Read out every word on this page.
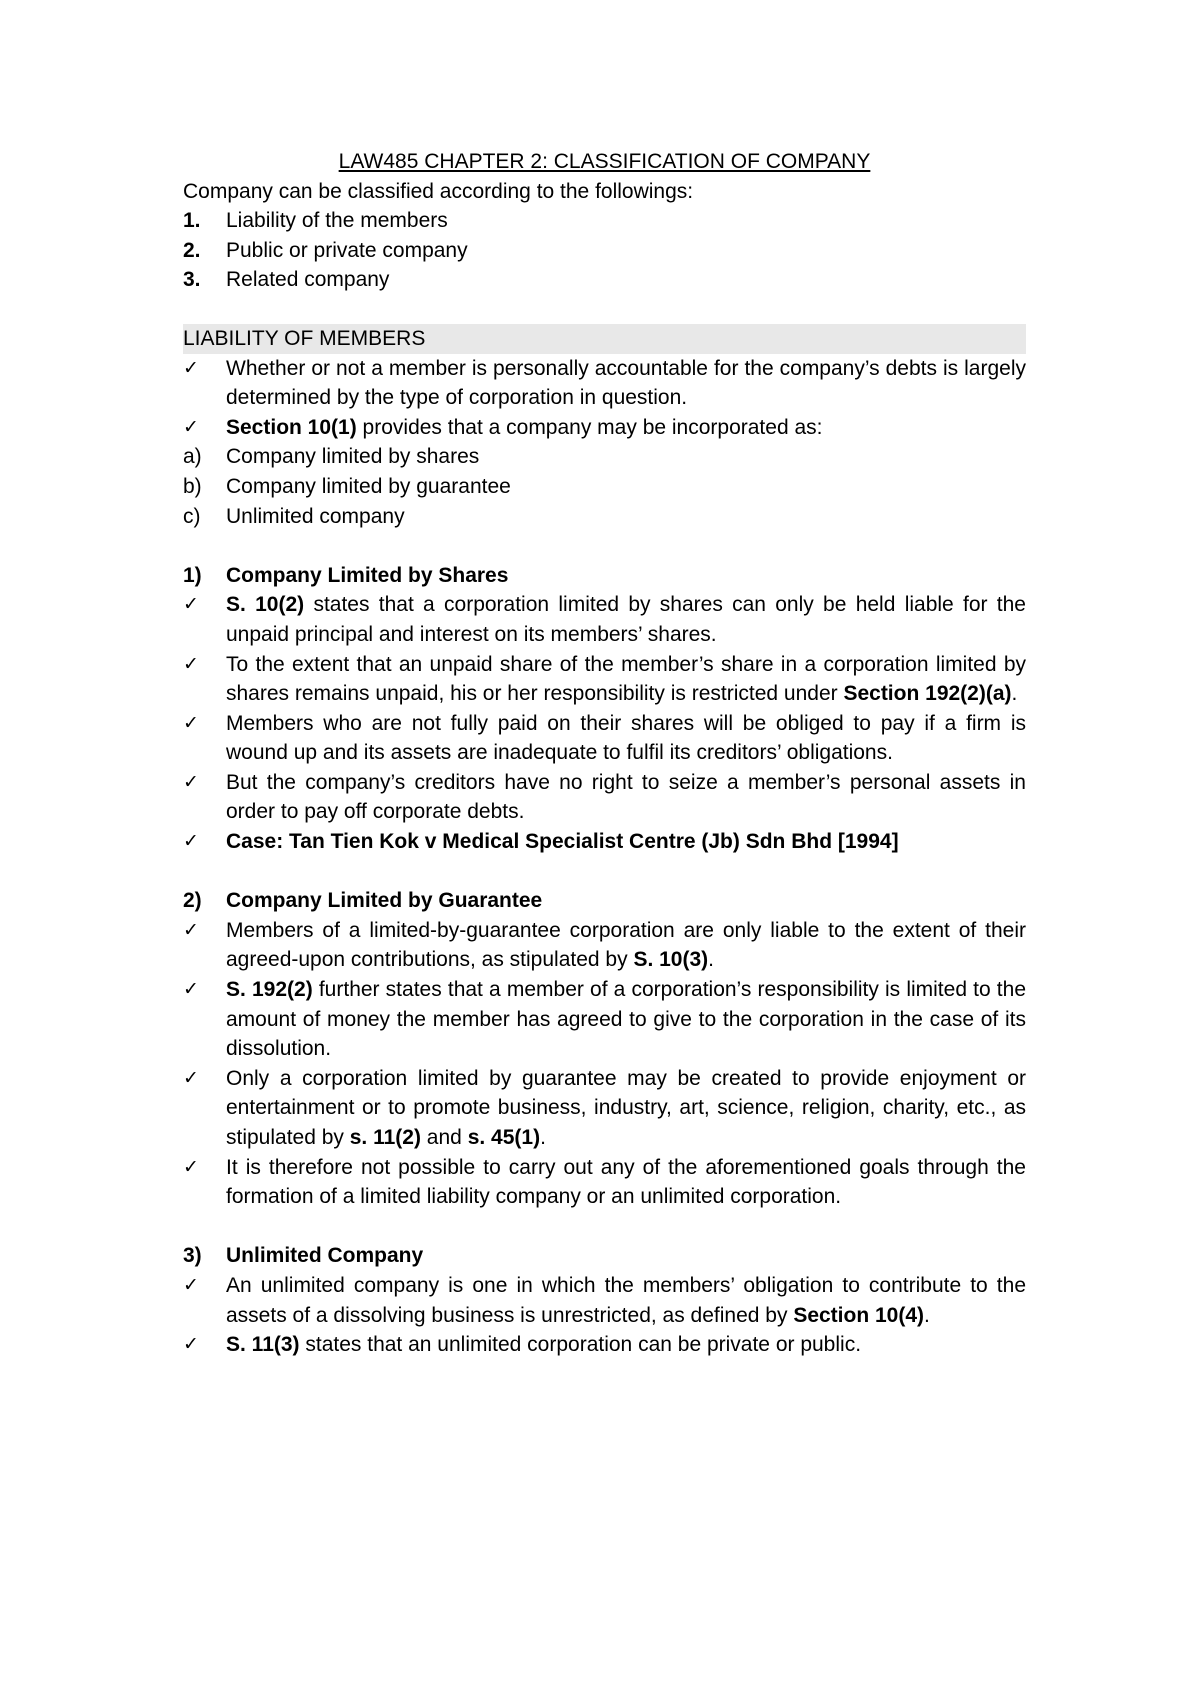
LAW485 CHAPTER 2: CLASSIFICATION OF COMPANY
Company can be classified according to the followings:
1.	Liability of the members
2.	Public or private company
3.	Related company
LIABILITY OF MEMBERS
✓	Whether or not a member is personally accountable for the company’s debts is largely determined by the type of corporation in question.
✓	Section 10(1) provides that a company may be incorporated as:
a)	Company limited by shares
b)	Company limited by guarantee
c)	Unlimited company
1)	Company Limited by Shares
✓	S. 10(2) states that a corporation limited by shares can only be held liable for the unpaid principal and interest on its members’ shares.
✓	To the extent that an unpaid share of the member’s share in a corporation limited by shares remains unpaid, his or her responsibility is restricted under Section 192(2)(a).
✓	Members who are not fully paid on their shares will be obliged to pay if a firm is wound up and its assets are inadequate to fulfil its creditors’ obligations.
✓	But the company’s creditors have no right to seize a member’s personal assets in order to pay off corporate debts.
✓	Case: Tan Tien Kok v Medical Specialist Centre (Jb) Sdn Bhd [1994]
2)	Company Limited by Guarantee
✓	Members of a limited-by-guarantee corporation are only liable to the extent of their agreed-upon contributions, as stipulated by S. 10(3).
✓	S. 192(2) further states that a member of a corporation’s responsibility is limited to the amount of money the member has agreed to give to the corporation in the case of its dissolution.
✓	Only a corporation limited by guarantee may be created to provide enjoyment or entertainment or to promote business, industry, art, science, religion, charity, etc., as stipulated by s. 11(2) and s. 45(1).
✓	It is therefore not possible to carry out any of the aforementioned goals through the formation of a limited liability company or an unlimited corporation.
3)	Unlimited Company
✓	An unlimited company is one in which the members’ obligation to contribute to the assets of a dissolving business is unrestricted, as defined by Section 10(4).
✓	S. 11(3) states that an unlimited corporation can be private or public.
